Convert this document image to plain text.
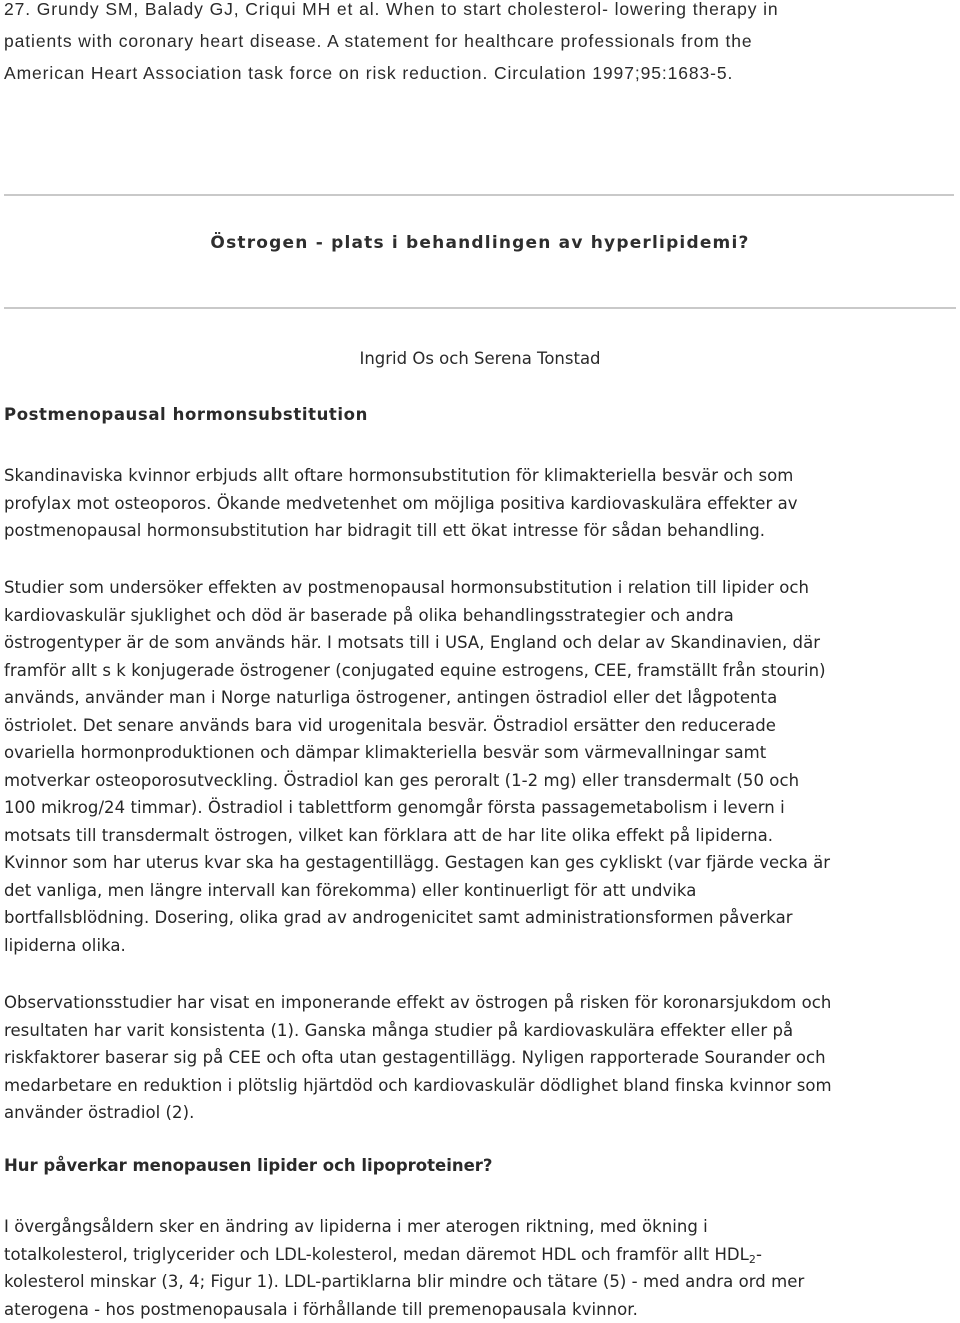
27. Grundy SM, Balady GJ, Criqui MH et al. When to start cholesterol- lowering therapy in
patients with coronary heart disease. A statement for healthcare professionals from the
American Heart Association task force on risk reduction. Circulation 1997;95:1683-5.

Östrogen - plats i behandlingen av hyperlipidemi?

Ingrid Os och Serena Tonstad

Postmenopausal hormonsubstitution

Skandinaviska kvinnor erbjuds allt oftare hormonsubstitution för klimakteriella besvär och som
profylax mot osteoporos. Ökande medvetenhet om möjliga positiva kardiovaskulära effekter av
postmenopausal hormonsubstitution har bidragit till ett ökat intresse för sådan behandling.

Studier som undersöker effekten av postmenopausal hormonsubstitution i relation till lipider och
kardiovaskulär sjuklighet och död är baserade på olika behandlingsstrategier och andra
östrogentyper är de som används här. I motsats till i USA, England och delar av Skandinavien, där
framför allt s k konjugerade östrogener (conjugated equine estrogens, CEE, framställt från stourin)
används, använder man i Norge naturliga östrogener, antingen östradiol eller det lågpotenta
östriolet. Det senare används bara vid urogenitala besvär. Östradiol ersätter den reducerade
ovariella hormonproduktionen och dämpar klimakteriella besvär som värmevallningar samt
motverkar osteoporosutveckling. Östradiol kan ges peroralt (1-2 mg) eller transdermalt (50 och
100 mikrog/24 timmar). Östradiol i tablettform genomgår första passagemetabolism i levern i
motsats till transdermalt östrogen, vilket kan förklara att de har lite olika effekt på lipiderna.
Kvinnor som har uterus kvar ska ha gestagentillägg. Gestagen kan ges cykliskt (var fjärde vecka är
det vanliga, men längre intervall kan förekomma) eller kontinuerligt för att undvika
bortfallsblödning. Dosering, olika grad av androgenicitet samt administrationsformen påverkar
lipiderna olika.

Observationsstudier har visat en imponerande effekt av östrogen på risken för koronarsjukdom och
resultaten har varit konsistenta (1). Ganska många studier på kardiovaskulära effekter eller på
riskfaktorer baserar sig på CEE och ofta utan gestagentillägg. Nyligen rapporterade Sourander och
medarbetare en reduktion i plötslig hjärtdöd och kardiovaskulär dödlighet bland finska kvinnor som
använder östradiol (2).

Hur påverkar menopausen lipider och lipoproteiner?

I övergångsåldern sker en ändring av lipiderna i mer aterogen riktning, med ökning i
totalkolesterol, triglycerider och LDL-kolesterol, medan däremot HDL och framför allt $HDL_2-$
kolesterol minskar (3, 4; Figur 1). LDL-partiklarna blir mindre och tätare (5) - med andra ord mer
aterogena - hos postmenopausala i förhållande till premenopausala kvinnor.
